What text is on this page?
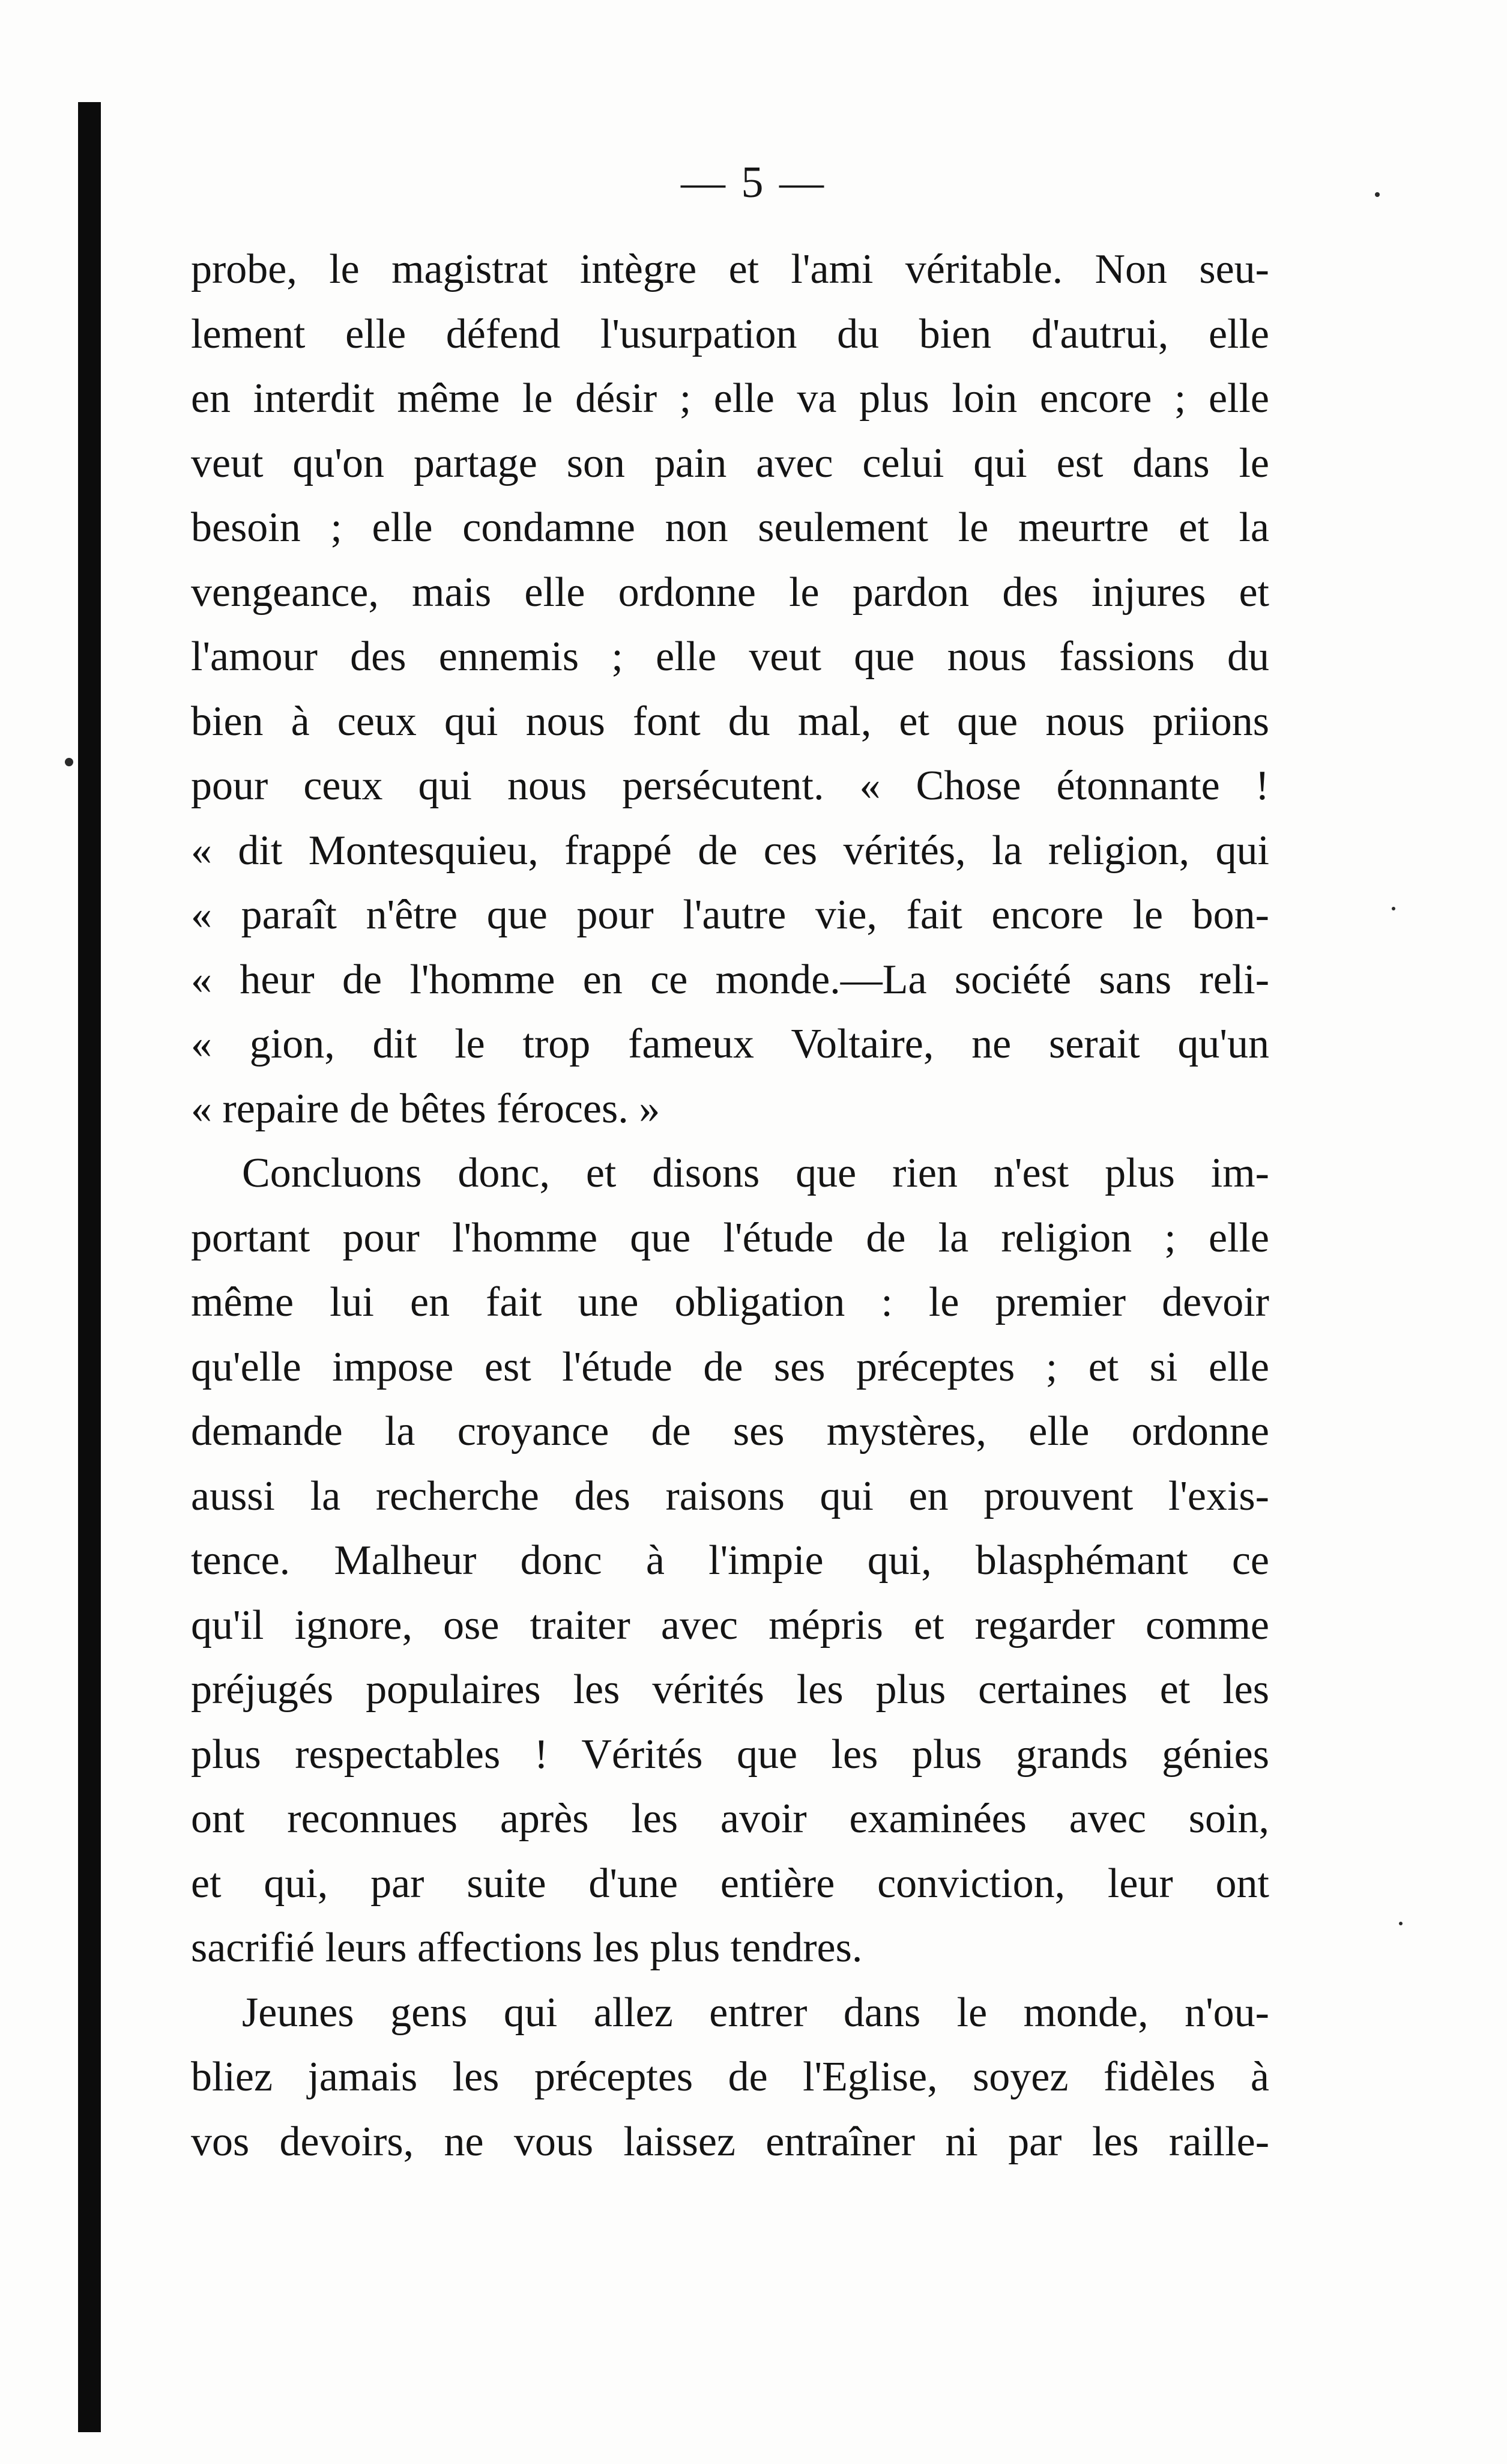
— 5 —
probe, le magistrat intègre et l'ami véritable. Non seu-
lement elle défend l'usurpation du bien d'autrui, elle
en interdit même le désir ; elle va plus loin encore ; elle
veut qu'on partage son pain avec celui qui est dans le
besoin ; elle condamne non seulement le meurtre et la
vengeance, mais elle ordonne le pardon des injures et
l'amour des ennemis ; elle veut que nous fassions du
bien à ceux qui nous font du mal, et que nous priions
pour ceux qui nous persécutent. « Chose étonnante !
« dit Montesquieu, frappé de ces vérités, la religion, qui
« paraît n'être que pour l'autre vie, fait encore le bon-
« heur de l'homme en ce monde.—La société sans reli-
« gion, dit le trop fameux Voltaire, ne serait qu'un
« repaire de bêtes féroces. »
Concluons donc, et disons que rien n'est plus im-
portant pour l'homme que l'étude de la religion ; elle
même lui en fait une obligation : le premier devoir
qu'elle impose est l'étude de ses préceptes ; et si elle
demande la croyance de ses mystères, elle ordonne
aussi la recherche des raisons qui en prouvent l'exis-
tence. Malheur donc à l'impie qui, blasphémant ce
qu'il ignore, ose traiter avec mépris et regarder comme
préjugés populaires les vérités les plus certaines et les
plus respectables ! Vérités que les plus grands génies
ont reconnues après les avoir examinées avec soin,
et qui, par suite d'une entière conviction, leur ont
sacrifié leurs affections les plus tendres.
Jeunes gens qui allez entrer dans le monde, n'ou-
bliez jamais les préceptes de l'Eglise, soyez fidèles à
vos devoirs, ne vous laissez entraîner ni par les raille-
